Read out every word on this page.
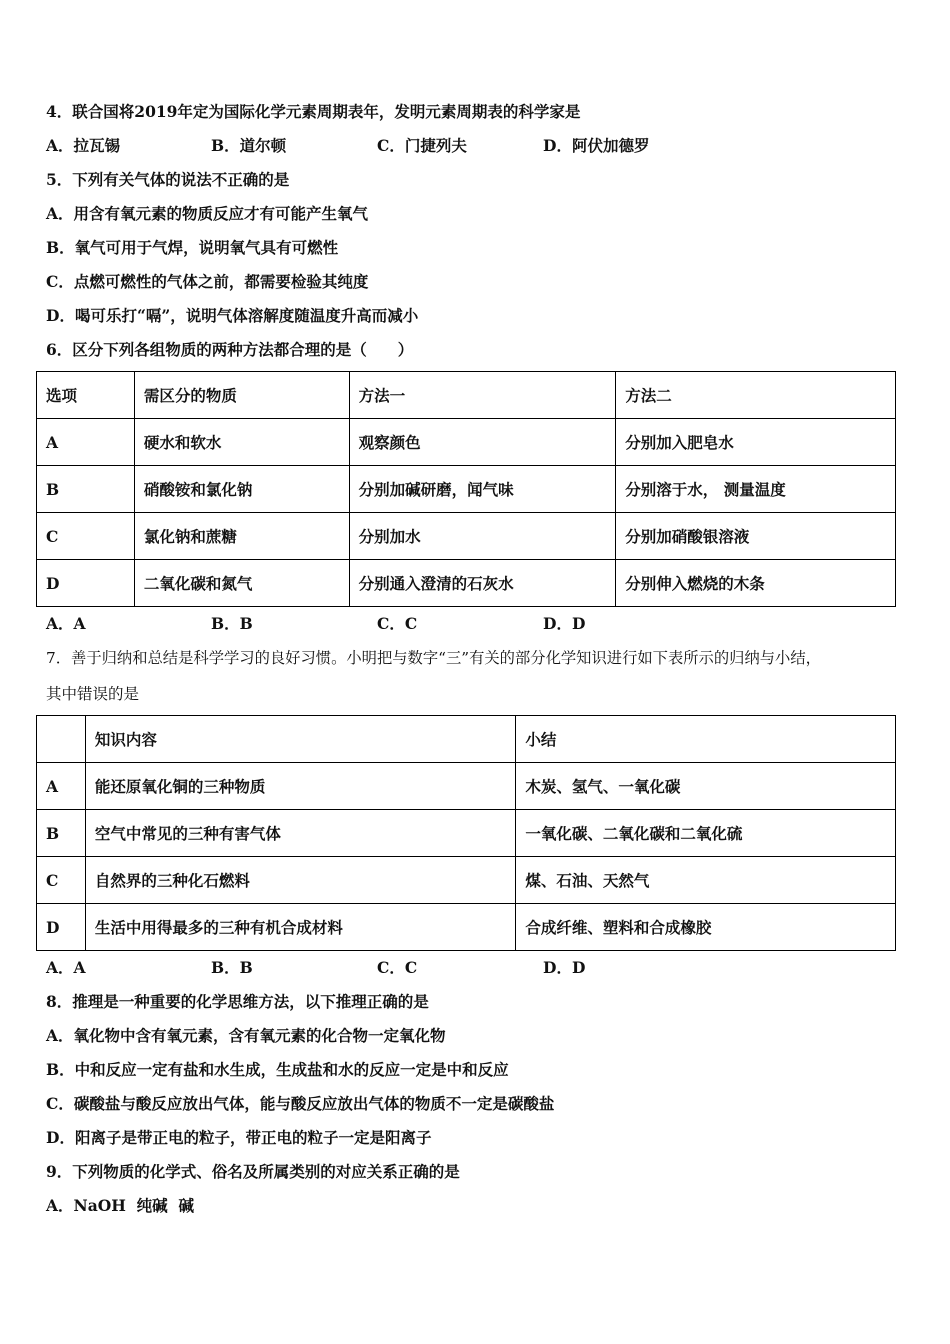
4．联合国将2019年定为国际化学元素周期表年，发明元素周期表的科学家是
A．拉瓦锡	B．道尔顿	C．门捷列夫	D．阿伏加德罗
5．下列有关气体的说法不正确的是
A．用含有氧元素的物质反应才有可能产生氧气
B．氧气可用于气焊，说明氧气具有可燃性
C．点燃可燃性的气体之前，都需要检验其纯度
D．喝可乐打“嗝”，说明气体溶解度随温度升高而减小
6．区分下列各组物质的两种方法都合理的是（　　）
选项	需区分的物质	方法一	方法二
A	硬水和软水	观察颜色	分别加入肥皂水
B	硝酸铵和氯化钠	分别加碱研磨，闻气味	分别溶于水， 测量温度
C	氯化钠和蔗糖	分别加水	分别加硝酸银溶液
D	二氧化碳和氮气	分别通入澄清的石灰水	分别伸入燃烧的木条
A．A	B．B	C．C	D．D
7．善于归纳和总结是科学学习的良好习惯。小明把与数字“三”有关的部分化学知识进行如下表所示的归纳与小结，
其中错误的是
	知识内容	小结
A	能还原氧化铜的三种物质	木炭、氢气、一氧化碳
B	空气中常见的三种有害气体	一氧化碳、二氧化碳和二氧化硫
C	自然界的三种化石燃料	煤、石油、天然气
D	生活中用得最多的三种有机合成材料	合成纤维、塑料和合成橡胶
A．A	B．B	C．C	D．D
8．推理是一种重要的化学思维方法，以下推理正确的是
A．氧化物中含有氧元素，含有氧元素的化合物一定氧化物
B．中和反应一定有盐和水生成，生成盐和水的反应一定是中和反应
C．碳酸盐与酸反应放出气体，能与酸反应放出气体的物质不一定是碳酸盐
D．阳离子是带正电的粒子，带正电的粒子一定是阳离子
9．下列物质的化学式、俗名及所属类别的对应关系正确的是
A．NaOH  纯碱  碱
